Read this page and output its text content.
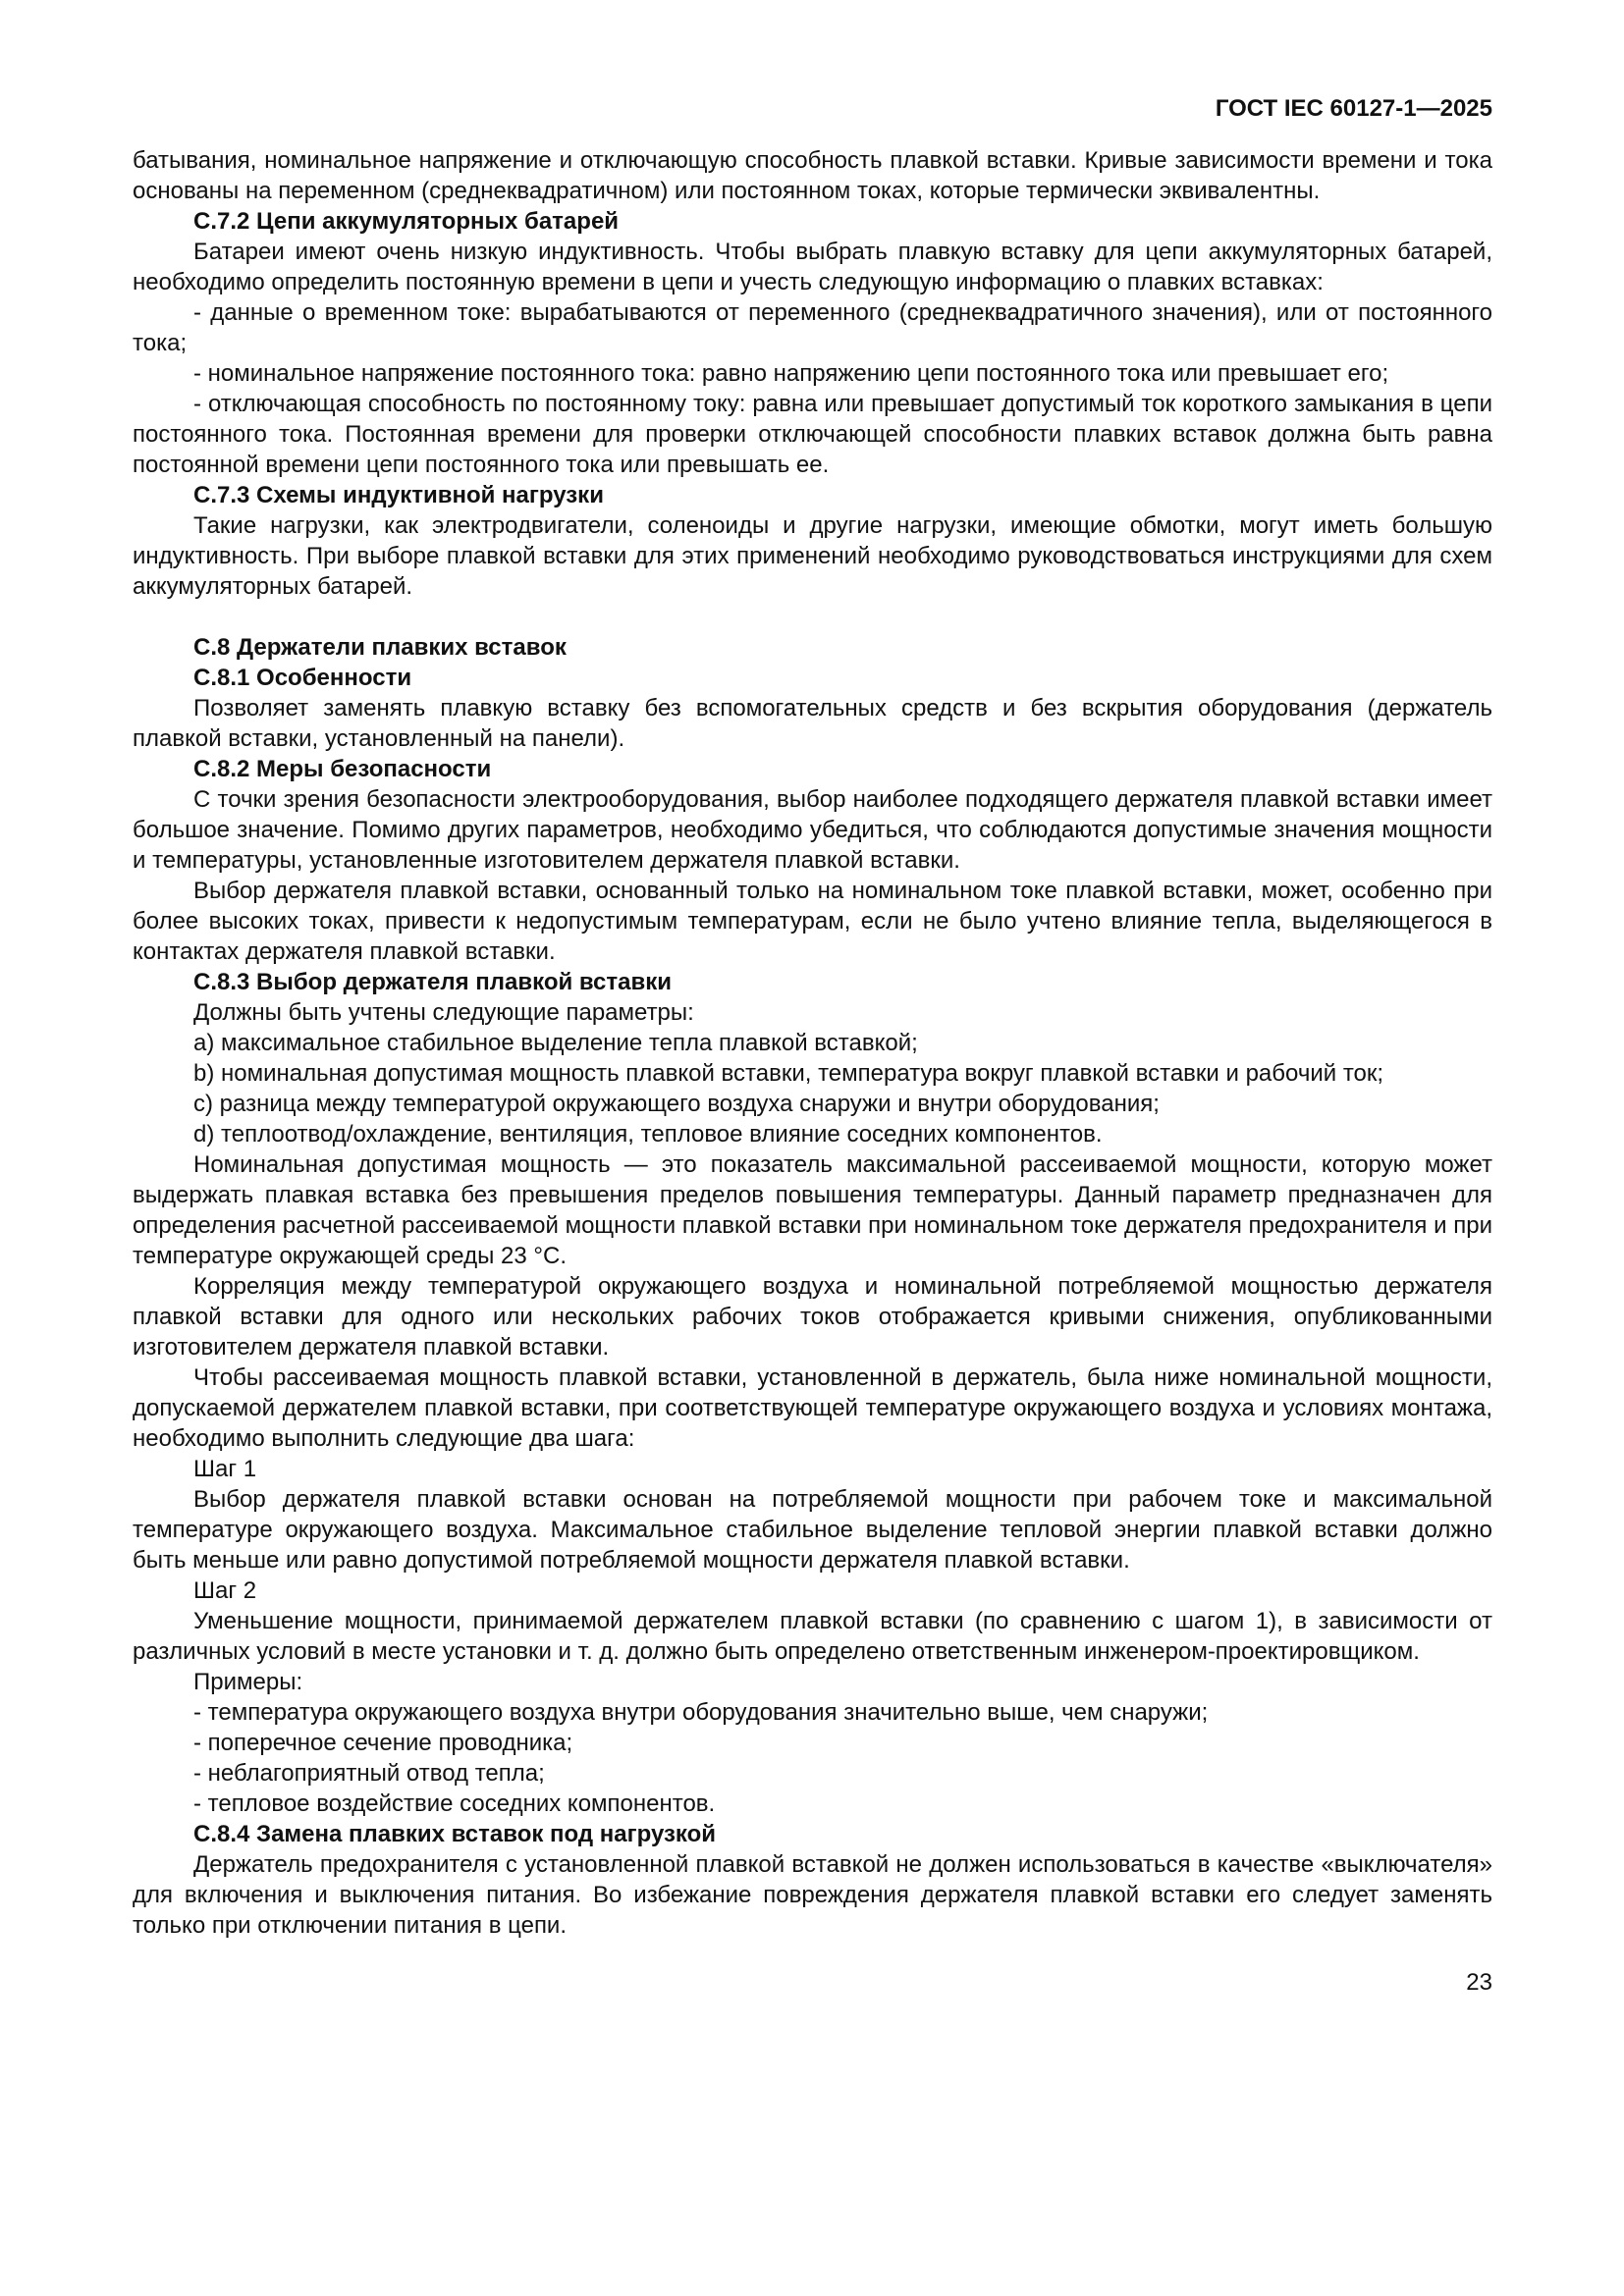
ГОСТ IEC 60127-1—2025

батывания, номинальное напряжение и отключающую способность плавкой вставки. Кривые зависимости времени и тока основаны на переменном (среднеквадратичном) или постоянном токах, которые термически эквивалентны.

С.7.2 Цепи аккумуляторных батарей

Батареи имеют очень низкую индуктивность. Чтобы выбрать плавкую вставку для цепи аккумуляторных батарей, необходимо определить постоянную времени в цепи и учесть следующую информацию о плавких вставках:

- данные о временном токе: вырабатываются от переменного (среднеквадратичного значения), или от постоянного тока;

- номинальное напряжение постоянного тока: равно напряжению цепи постоянного тока или превышает его;

- отключающая способность по постоянному току: равна или превышает допустимый ток короткого замыкания в цепи постоянного тока. Постоянная времени для проверки отключающей способности плавких вставок должна быть равна постоянной времени цепи постоянного тока или превышать ее.

С.7.3 Схемы индуктивной нагрузки

Такие нагрузки, как электродвигатели, соленоиды и другие нагрузки, имеющие обмотки, могут иметь большую индуктивность. При выборе плавкой вставки для этих применений необходимо руководствоваться инструкциями для схем аккумуляторных батарей.

С.8 Держатели плавких вставок

С.8.1 Особенности

Позволяет заменять плавкую вставку без вспомогательных средств и без вскрытия оборудования (держатель плавкой вставки, установленный на панели).

С.8.2 Меры безопасности

С точки зрения безопасности электрооборудования, выбор наиболее подходящего держателя плавкой вставки имеет большое значение. Помимо других параметров, необходимо убедиться, что соблюдаются допустимые значения мощности и температуры, установленные изготовителем держателя плавкой вставки.

Выбор держателя плавкой вставки, основанный только на номинальном токе плавкой вставки, может, особенно при более высоких токах, привести к недопустимым температурам, если не было учтено влияние тепла, выделяющегося в контактах держателя плавкой вставки.

С.8.3 Выбор держателя плавкой вставки

Должны быть учтены следующие параметры:

a) максимальное стабильное выделение тепла плавкой вставкой;

b) номинальная допустимая мощность плавкой вставки, температура вокруг плавкой вставки и рабочий ток;

c) разница между температурой окружающего воздуха снаружи и внутри оборудования;

d) теплоотвод/охлаждение, вентиляция, тепловое влияние соседних компонентов.

Номинальная допустимая мощность — это показатель максимальной рассеиваемой мощности, которую может выдержать плавкая вставка без превышения пределов повышения температуры. Данный параметр предназначен для определения расчетной рассеиваемой мощности плавкой вставки при номинальном токе держателя предохранителя и при температуре окружающей среды 23 °С.

Корреляция между температурой окружающего воздуха и номинальной потребляемой мощностью держателя плавкой вставки для одного или нескольких рабочих токов отображается кривыми снижения, опубликованными изготовителем держателя плавкой вставки.

Чтобы рассеиваемая мощность плавкой вставки, установленной в держатель, была ниже номинальной мощности, допускаемой держателем плавкой вставки, при соответствующей температуре окружающего воздуха и условиях монтажа, необходимо выполнить следующие два шага:

Шаг 1

Выбор держателя плавкой вставки основан на потребляемой мощности при рабочем токе и максимальной температуре окружающего воздуха. Максимальное стабильное выделение тепловой энергии плавкой вставки должно быть меньше или равно допустимой потребляемой мощности держателя плавкой вставки.

Шаг 2

Уменьшение мощности, принимаемой держателем плавкой вставки (по сравнению с шагом 1), в зависимости от различных условий в месте установки и т. д. должно быть определено ответственным инженером-проектировщиком.

Примеры:

- температура окружающего воздуха внутри оборудования значительно выше, чем снаружи;

- поперечное сечение проводника;

- неблагоприятный отвод тепла;

- тепловое воздействие соседних компонентов.

С.8.4 Замена плавких вставок под нагрузкой

Держатель предохранителя с установленной плавкой вставкой не должен использоваться в качестве «выключателя» для включения и выключения питания. Во избежание повреждения держателя плавкой вставки его следует заменять только при отключении питания в цепи.

23
